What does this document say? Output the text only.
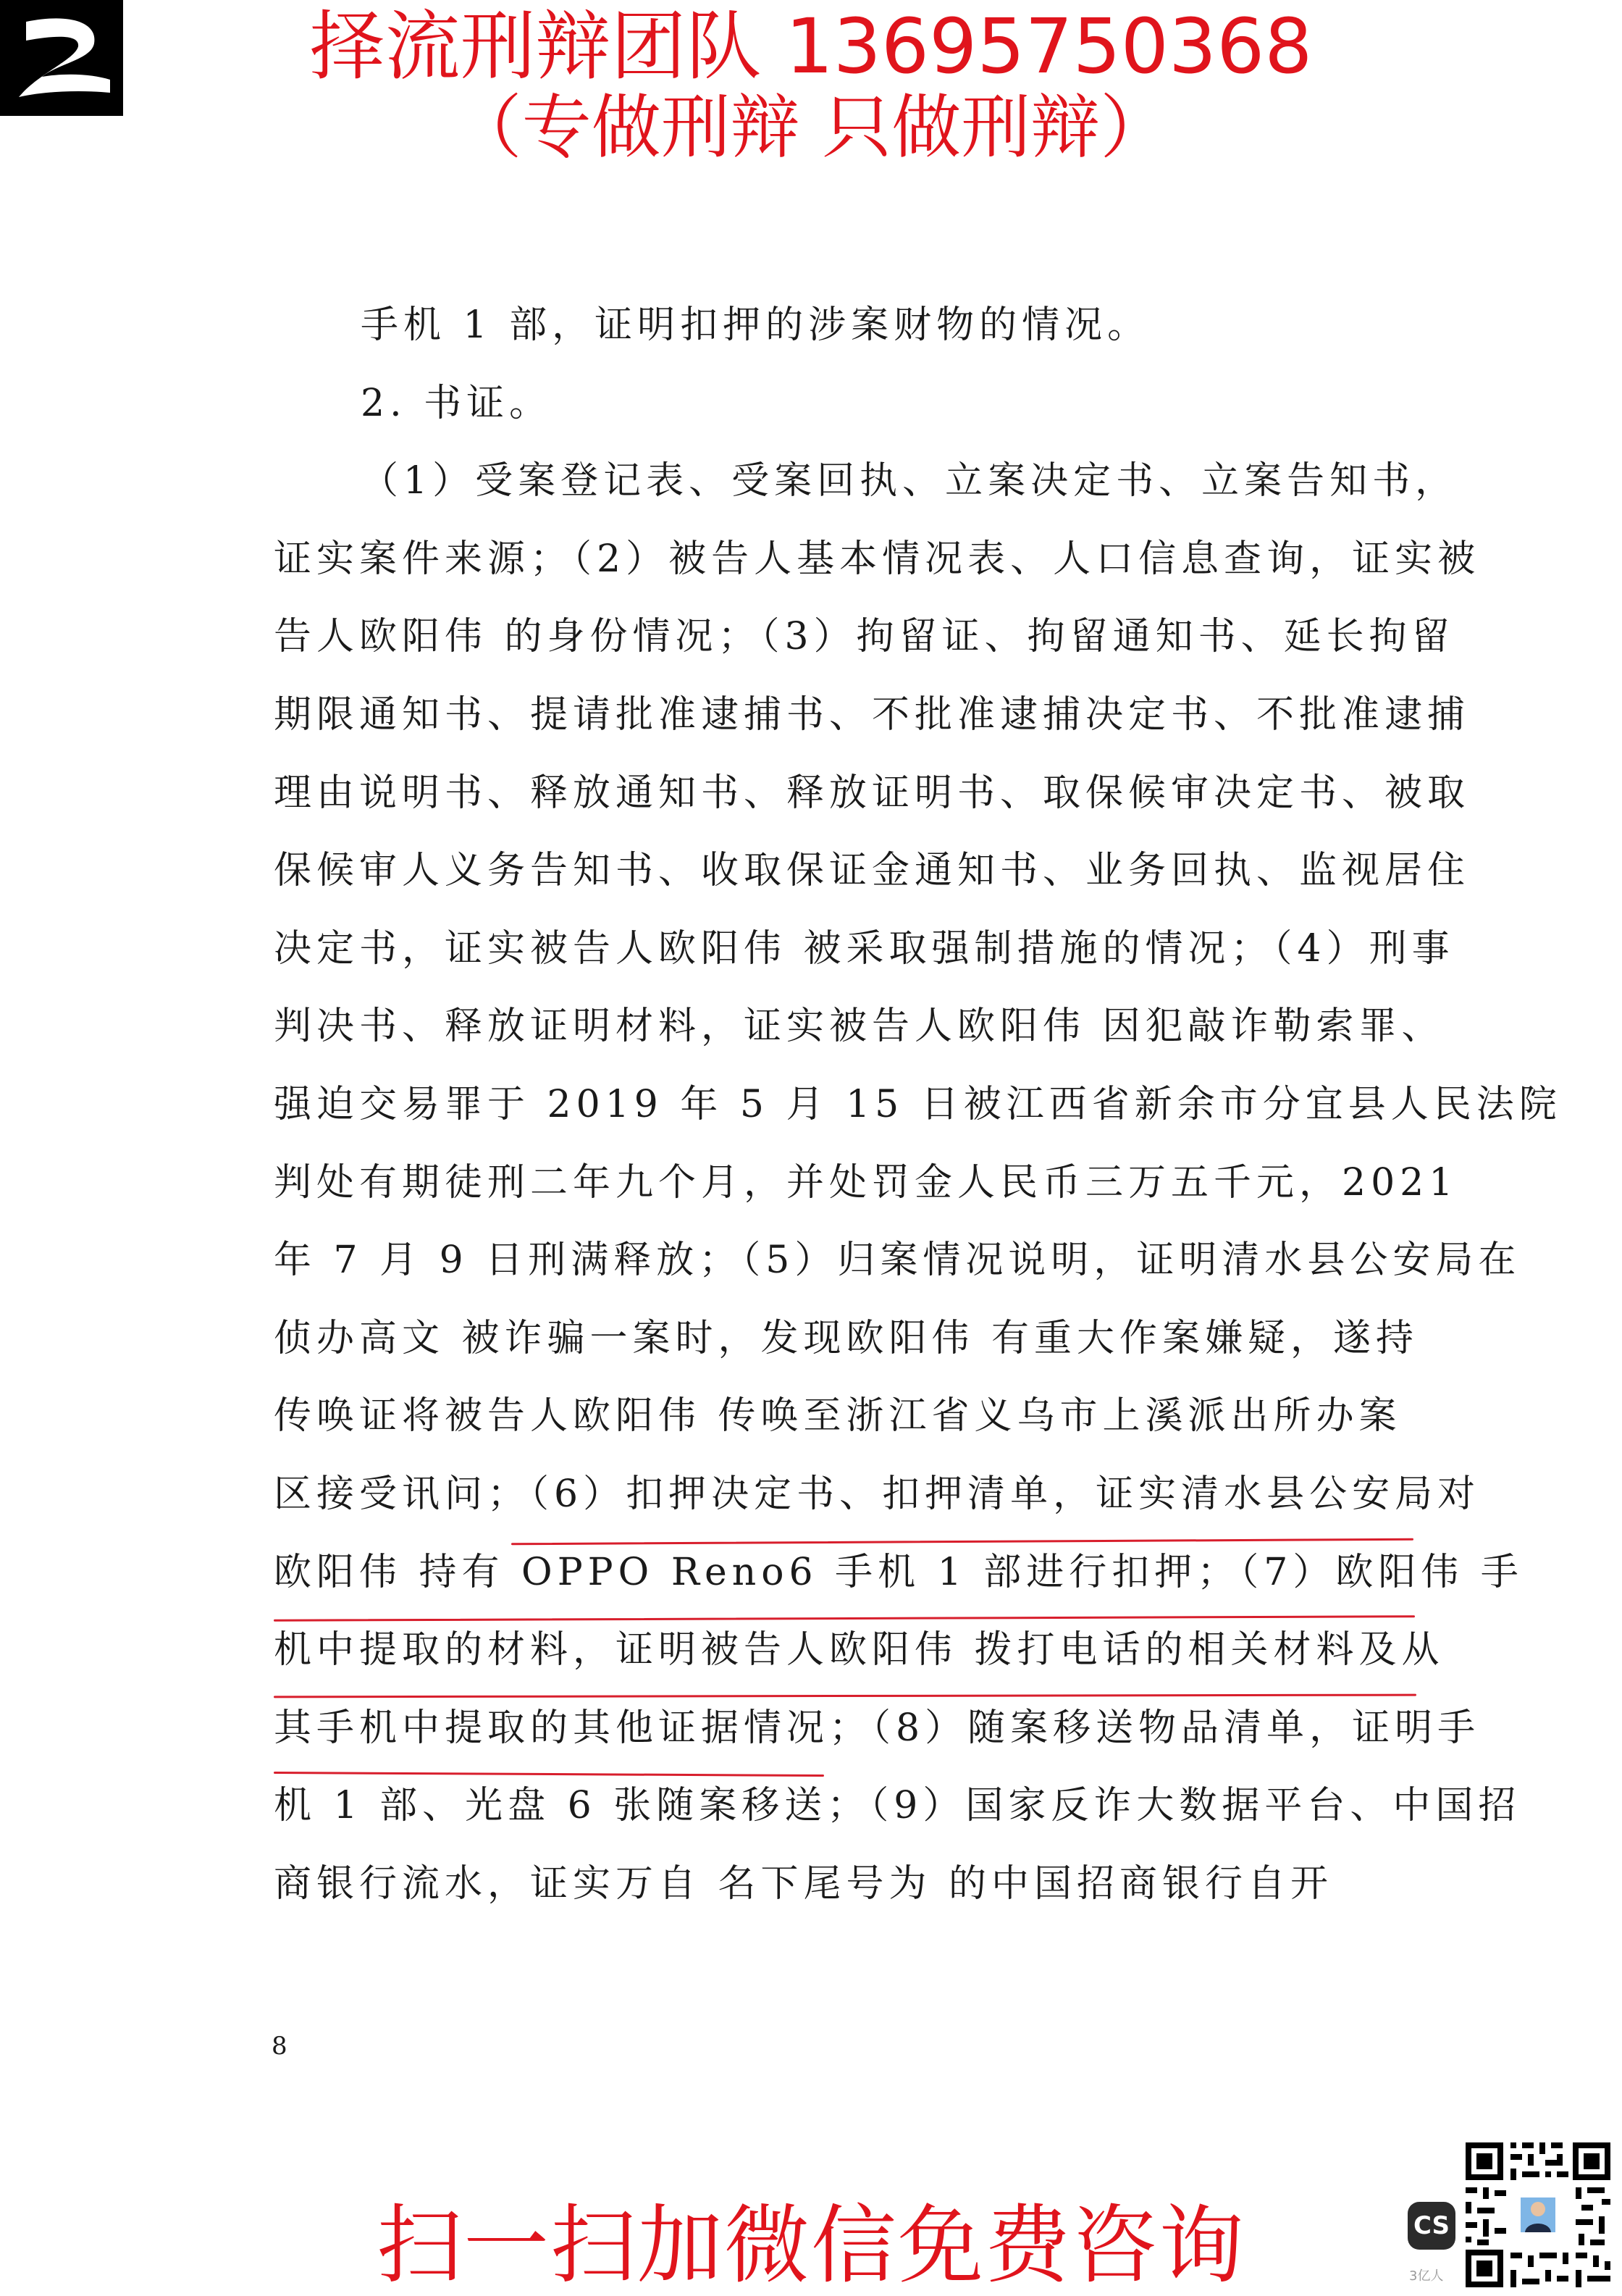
择流刑辩团队 13695750368
（专做刑辩 只做刑辩）
手机 1 部，证明扣押的涉案财物的情况。
2. 书证。
（1）受案登记表、受案回执、立案决定书、立案告知书，
证实案件来源；（2）被告人基本情况表、人口信息查询，证实被
告人欧阳伟 的身份情况；（3）拘留证、拘留通知书、延长拘留
期限通知书、提请批准逮捕书、不批准逮捕决定书、不批准逮捕
理由说明书、释放通知书、释放证明书、取保候审决定书、被取
保候审人义务告知书、收取保证金通知书、业务回执、监视居住
决定书，证实被告人欧阳伟 被采取强制措施的情况；（4）刑事
判决书、释放证明材料，证实被告人欧阳伟 因犯敲诈勒索罪、
强迫交易罪于 2019 年 5 月 15 日被江西省新余市分宜县人民法院
判处有期徒刑二年九个月，并处罚金人民币三万五千元，2021
年 7 月 9 日刑满释放；（5）归案情况说明，证明清水县公安局在
侦办高文 被诈骗一案时，发现欧阳伟 有重大作案嫌疑，遂持
传唤证将被告人欧阳伟 传唤至浙江省义乌市上溪派出所办案
区接受讯问；（6）扣押决定书、扣押清单，证实清水县公安局对
欧阳伟 持有 OPPO Reno6 手机 1 部进行扣押；（7）欧阳伟 手
机中提取的材料，证明被告人欧阳伟 拨打电话的相关材料及从
其手机中提取的其他证据情况；（8）随案移送物品清单，证明手
机 1 部、光盘 6 张随案移送；（9）国家反诈大数据平台、中国招
商银行流水，证实万自 名下尾号为 的中国招商银行自开
8
扫一扫加微信免费咨询	CS
3亿人
